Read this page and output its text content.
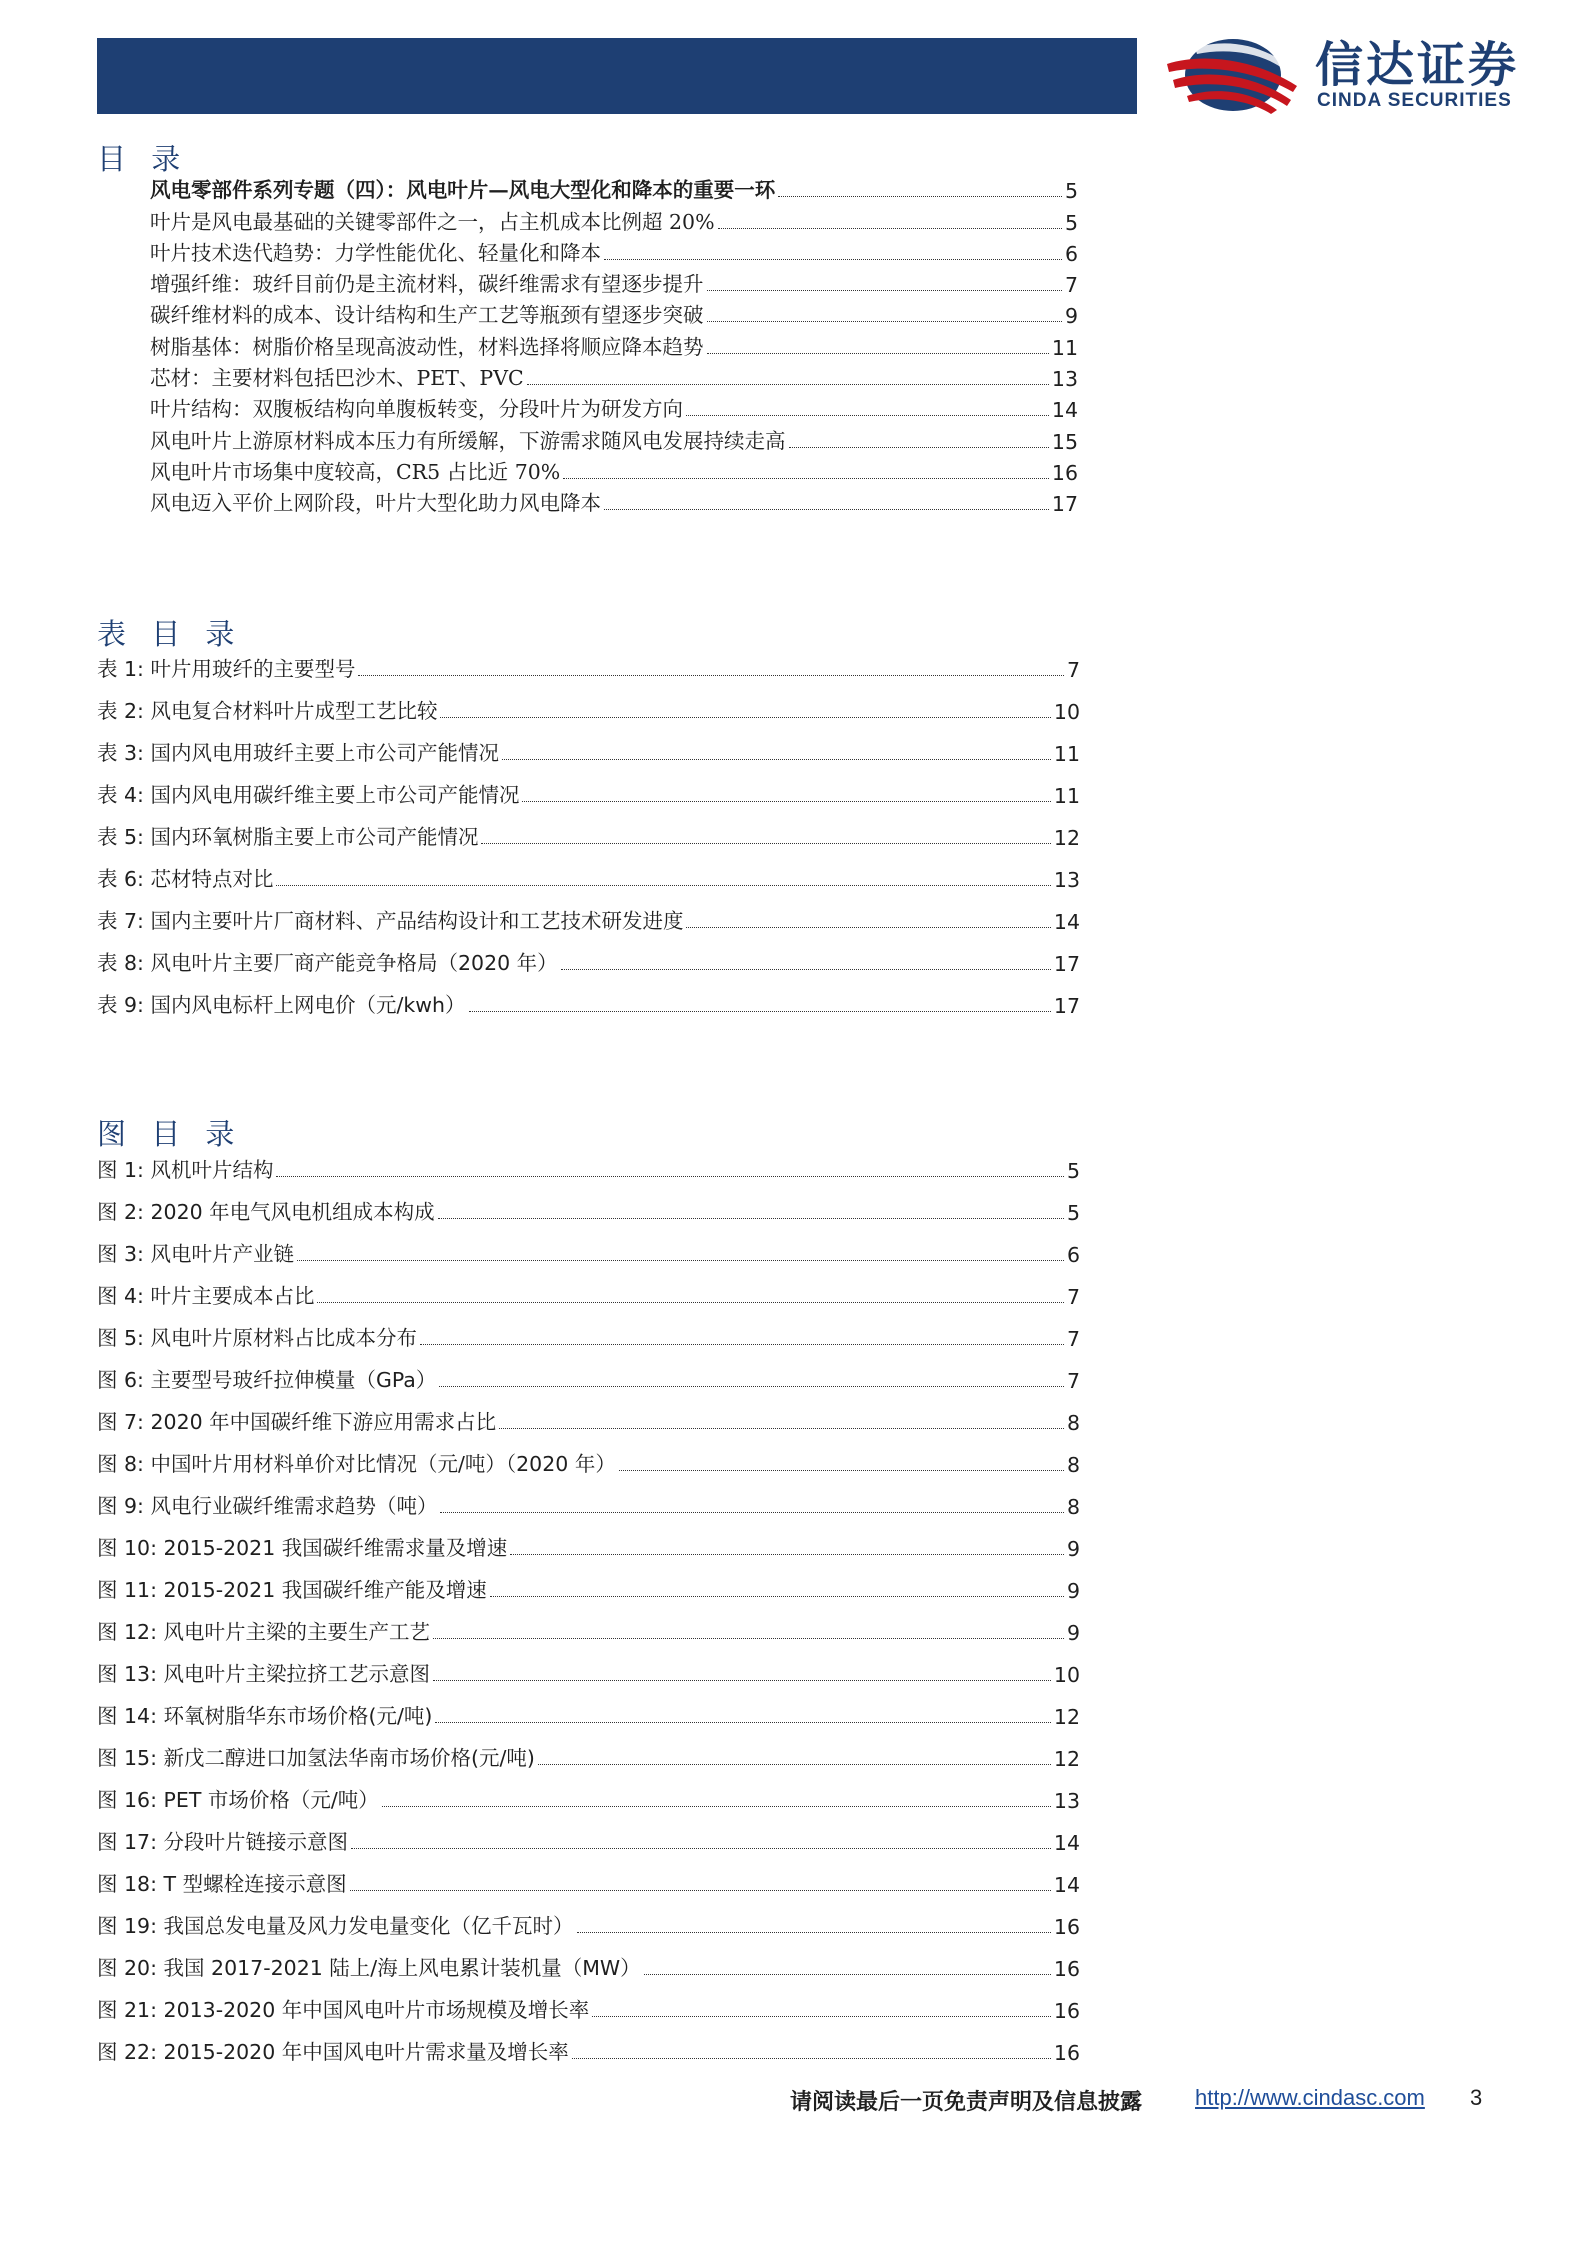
信达证券
CINDA SECURITIES
目 录
风电零部件系列专题（四）：风电叶片—风电大型化和降本的重要一环	5
叶片是风电最基础的关键零部件之一，占主机成本比例超 20%	5
叶片技术迭代趋势：力学性能优化、轻量化和降本	6
增强纤维：玻纤目前仍是主流材料，碳纤维需求有望逐步提升	7
碳纤维材料的成本、设计结构和生产工艺等瓶颈有望逐步突破	9
树脂基体：树脂价格呈现高波动性，材料选择将顺应降本趋势	11
芯材：主要材料包括巴沙木、PET、PVC	13
叶片结构：双腹板结构向单腹板转变，分段叶片为研发方向	14
风电叶片上游原材料成本压力有所缓解，下游需求随风电发展持续走高	15
风电叶片市场集中度较高，CR5 占比近 70%	16
风电迈入平价上网阶段，叶片大型化助力风电降本	17
表 目 录
表 1: 叶片用玻纤的主要型号	7
表 2: 风电复合材料叶片成型工艺比较	10
表 3: 国内风电用玻纤主要上市公司产能情况	11
表 4: 国内风电用碳纤维主要上市公司产能情况	11
表 5: 国内环氧树脂主要上市公司产能情况	12
表 6: 芯材特点对比	13
表 7: 国内主要叶片厂商材料、产品结构设计和工艺技术研发进度	14
表 8: 风电叶片主要厂商产能竞争格局（2020 年）	17
表 9: 国内风电标杆上网电价（元/kwh）	17
图 目 录
图 1: 风机叶片结构	5
图 2: 2020 年电气风电机组成本构成	5
图 3: 风电叶片产业链	6
图 4: 叶片主要成本占比	7
图 5: 风电叶片原材料占比成本分布	7
图 6: 主要型号玻纤拉伸模量（GPa）	7
图 7: 2020 年中国碳纤维下游应用需求占比	8
图 8: 中国叶片用材料单价对比情况（元/吨）（2020 年）	8
图 9: 风电行业碳纤维需求趋势（吨）	8
图 10: 2015-2021 我国碳纤维需求量及增速	9
图 11: 2015-2021 我国碳纤维产能及增速	9
图 12: 风电叶片主梁的主要生产工艺	9
图 13: 风电叶片主梁拉挤工艺示意图	10
图 14: 环氧树脂华东市场价格(元/吨)	12
图 15: 新戊二醇进口加氢法华南市场价格(元/吨)	12
图 16: PET 市场价格（元/吨）	13
图 17: 分段叶片链接示意图	14
图 18: T 型螺栓连接示意图	14
图 19: 我国总发电量及风力发电量变化（亿千瓦时）	16
图 20: 我国 2017-2021 陆上/海上风电累计装机量（MW）	16
图 21: 2013-2020 年中国风电叶片市场规模及增长率	16
图 22: 2015-2020 年中国风电叶片需求量及增长率	16
请阅读最后一页免责声明及信息披露 http://www.cindasc.com 3
